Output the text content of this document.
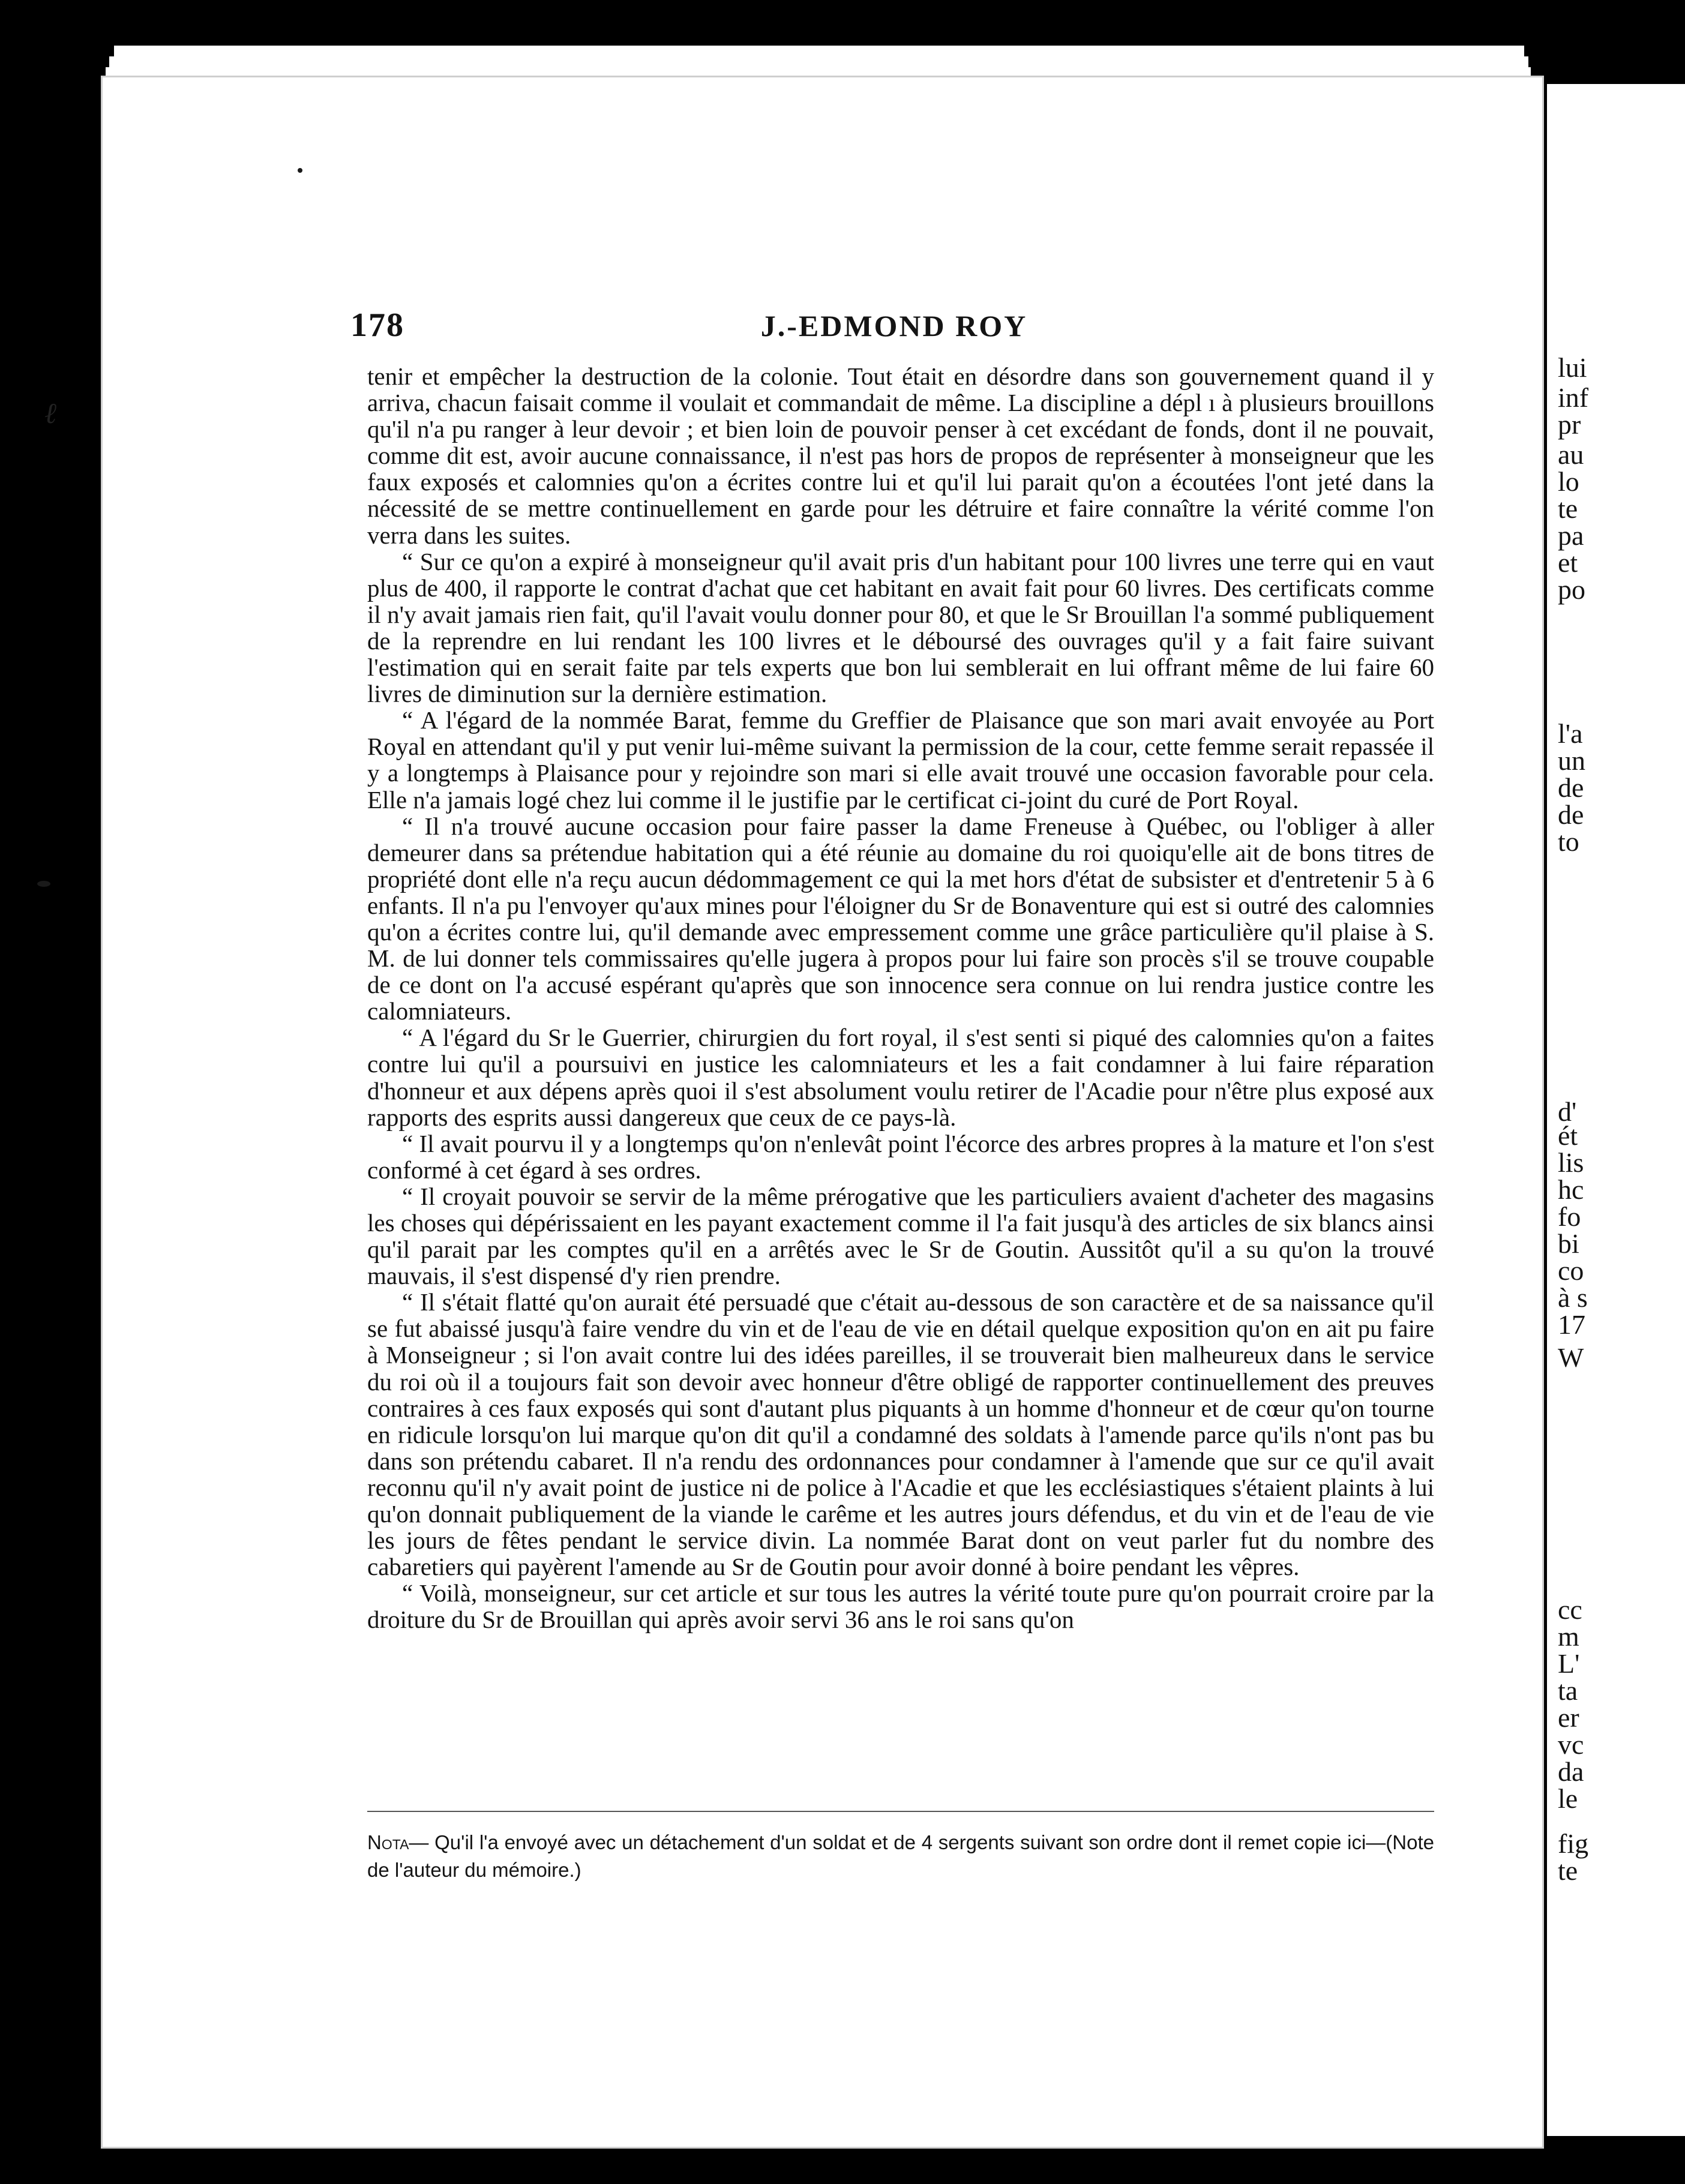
lui
inf
pr
au
lo
te
pa
et
po
l'a
un
de
de
to
d'
ét
lis
hc
fo
bi
co
à s
17
W
cc
m
L'
ta
er
vc
da
le
fig
te
ℓ
178	J.-EDMOND ROY

tenir et empêcher la destruction de la colonie. Tout était en désordre dans son gouvernement quand il y arriva, chacun faisait comme il voulait et commandait de même. La discipline a dépl ı à plusieurs brouillons qu'il n'a pu ranger à leur devoir ; et bien loin de pouvoir penser à cet excédant de fonds, dont il ne pouvait, comme dit est, avoir aucune connaissance, il n'est pas hors de propos de représenter à monseigneur que les faux exposés et calomnies qu'on a écrites contre lui et qu'il lui parait qu'on a écoutées l'ont jeté dans la nécessité de se mettre continuellement en garde pour les détruire et faire connaître la vérité comme l'on verra dans les suites.

“ Sur ce qu'on a expiré à monseigneur qu'il avait pris d'un habitant pour 100 livres une terre qui en vaut plus de 400, il rapporte le contrat d'achat que cet habitant en avait fait pour 60 livres. Des certificats comme il n'y avait jamais rien fait, qu'il l'avait voulu donner pour 80, et que le Sr Brouillan l'a sommé publiquement de la reprendre en lui rendant les 100 livres et le déboursé des ouvrages qu'il y a fait faire suivant l'estimation qui en serait faite par tels experts que bon lui semblerait en lui offrant même de lui faire 60 livres de diminution sur la dernière estimation.

“ A l'égard de la nommée Barat, femme du Greffier de Plaisance que son mari avait envoyée au Port Royal en attendant qu'il y put venir lui-même suivant la permission de la cour, cette femme serait repassée il y a longtemps à Plaisance pour y rejoindre son mari si elle avait trouvé une occasion favorable pour cela. Elle n'a jamais logé chez lui comme il le justifie par le certificat ci-joint du curé de Port Royal.

“ Il n'a trouvé aucune occasion pour faire passer la dame Freneuse à Québec, ou l'obliger à aller demeurer dans sa prétendue habitation qui a été réunie au domaine du roi quoiqu'elle ait de bons titres de propriété dont elle n'a reçu aucun dédommagement ce qui la met hors d'état de subsister et d'entretenir 5 à 6 enfants. Il n'a pu l'envoyer qu'aux mines pour l'éloigner du Sr de Bonaventure qui est si outré des calomnies qu'on a écrites contre lui, qu'il demande avec empressement comme une grâce particulière qu'il plaise à S. M. de lui donner tels commissaires qu'elle jugera à propos pour lui faire son procès s'il se trouve coupable de ce dont on l'a accusé espérant qu'après que son innocence sera connue on lui rendra justice contre les calomniateurs.

“ A l'égard du Sr le Guerrier, chirurgien du fort royal, il s'est senti si piqué des calomnies qu'on a faites contre lui qu'il a poursuivi en justice les calomniateurs et les a fait condamner à lui faire réparation d'honneur et aux dépens après quoi il s'est absolument voulu retirer de l'Acadie pour n'être plus exposé aux rapports des esprits aussi dangereux que ceux de ce pays-là.

“ Il avait pourvu il y a longtemps qu'on n'enlevât point l'écorce des arbres propres à la mature et l'on s'est conformé à cet égard à ses ordres.

“ Il croyait pouvoir se servir de la même prérogative que les particuliers avaient d'acheter des magasins les choses qui dépérissaient en les payant exactement comme il l'a fait jusqu'à des articles de six blancs ainsi qu'il parait par les comptes qu'il en a arrêtés avec le Sr de Goutin. Aussitôt qu'il a su qu'on la trouvé mauvais, il s'est dispensé d'y rien prendre.

“ Il s'était flatté qu'on aurait été persuadé que c'était au-dessous de son caractère et de sa naissance qu'il se fut abaissé jusqu'à faire vendre du vin et de l'eau de vie en détail quelque exposition qu'on en ait pu faire à Monseigneur ; si l'on avait contre lui des idées pareilles, il se trouverait bien malheureux dans le service du roi où il a toujours fait son devoir avec honneur d'être obligé de rapporter continuellement des preuves contraires à ces faux exposés qui sont d'autant plus piquants à un homme d'honneur et de cœur qu'on tourne en ridicule lorsqu'on lui marque qu'on dit qu'il a condamné des soldats à l'amende parce qu'ils n'ont pas bu dans son prétendu cabaret. Il n'a rendu des ordonnances pour condamner à l'amende que sur ce qu'il avait reconnu qu'il n'y avait point de justice ni de police à l'Acadie et que les ecclésiastiques s'étaient plaints à lui qu'on donnait publiquement de la viande le carême et les autres jours défendus, et du vin et de l'eau de vie les jours de fêtes pendant le service divin. La nommée Barat dont on veut parler fut du nombre des cabaretiers qui payèrent l'amende au Sr de Goutin pour avoir donné à boire pendant les vêpres.

“ Voilà, monseigneur, sur cet article et sur tous les autres la vérité toute pure qu'on pourrait croire par la droiture du Sr de Brouillan qui après avoir servi 36 ans le roi sans qu'on

Nota— Qu'il l'a envoyé avec un détachement d'un soldat et de 4 sergents suivant son ordre dont il remet copie ici—(Note de l'auteur du mémoire.)
